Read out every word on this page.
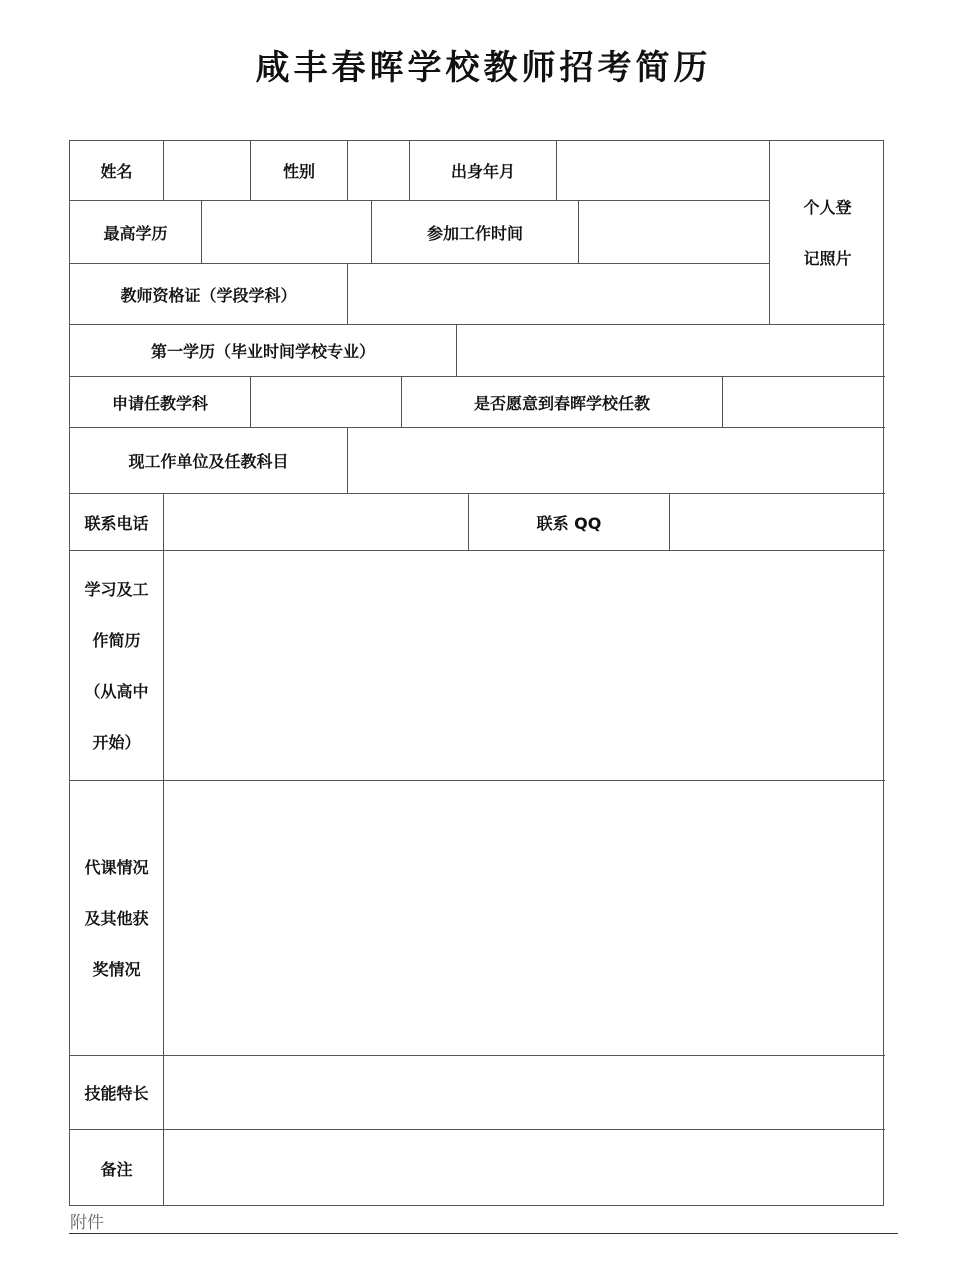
咸丰春晖学校教师招考简历
姓名	性别	出身年月
个人登
记照片
最高学历	参加工作时间
教师资格证（学段学科）
第一学历（毕业时间学校专业）
申请任教学科	是否愿意到春晖学校任教
现工作单位及任教科目
联系电话	联系 QQ
学习及工
作简历
（从高中
开始）
代课情况
及其他获
奖情况
技能特长
备注
附件
